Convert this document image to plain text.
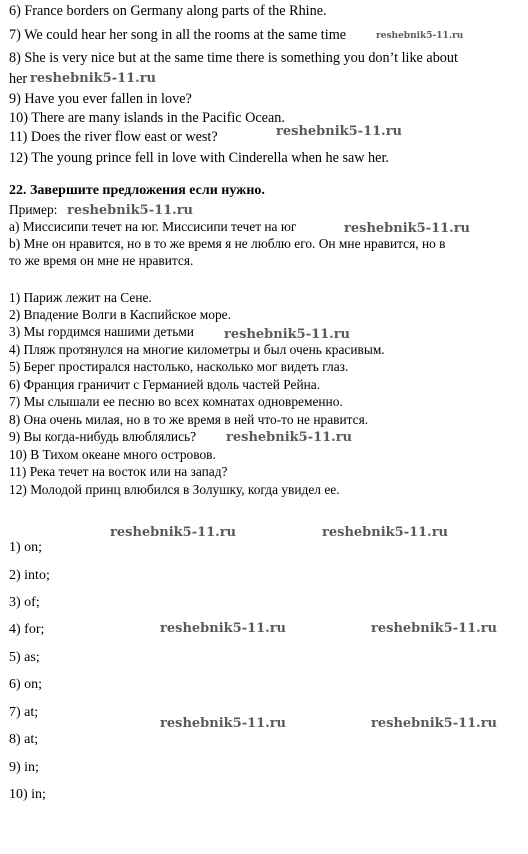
6) France borders on Germany along parts of the Rhine.
7) We could hear her song in all the rooms at the same time
8) She is very nice but at the same time there is something you don’t like about
her
9) Have you ever fallen in love?
10) There are many islands in the Pacific Ocean.
11) Does the river flow east or west?
12) The young prince fell in love with Cinderella when he saw her.
22. Завершите предложения если нужно.
Пример:
a) Миссисипи течет на юг. Миссисипи течет на юг
b) Мне он нравится, но в то же время я не люблю его. Он мне нравится, но в
то же время он мне не нравится.
1) Париж лежит на Сене.
2) Впадение Волги в Каспийское море.
3) Мы гордимся нашими детьми
4) Пляж протянулся на многие километры и был очень красивым.
5) Берег простирался настолько, насколько мог видеть глаз.
6) Франция граничит с Германией вдоль частей Рейна.
7) Мы слышали ее песню во всех комнатах одновременно.
8) Она очень милая, но в то же время в ней что-то не нравится.
9) Вы когда-нибудь влюблялись?
10) В Тихом океане много островов.
11) Река течет на восток или на запад?
12) Молодой принц влюбился в Золушку, когда увидел ее.
1) on;
2) into;
3) of;
4) for;
5) as;
6) on;
7) at;
8) at;
9) in;
10) in;
reshebnik5-11.ru
reshebnik5-11.ru
reshebnik5-11.ru
reshebnik5-11.ru
reshebnik5-11.ru
reshebnik5-11.ru
reshebnik5-11.ru
reshebnik5-11.ru	reshebnik5-11.ru
reshebnik5-11.ru	reshebnik5-11.ru
reshebnik5-11.ru	reshebnik5-11.ru
